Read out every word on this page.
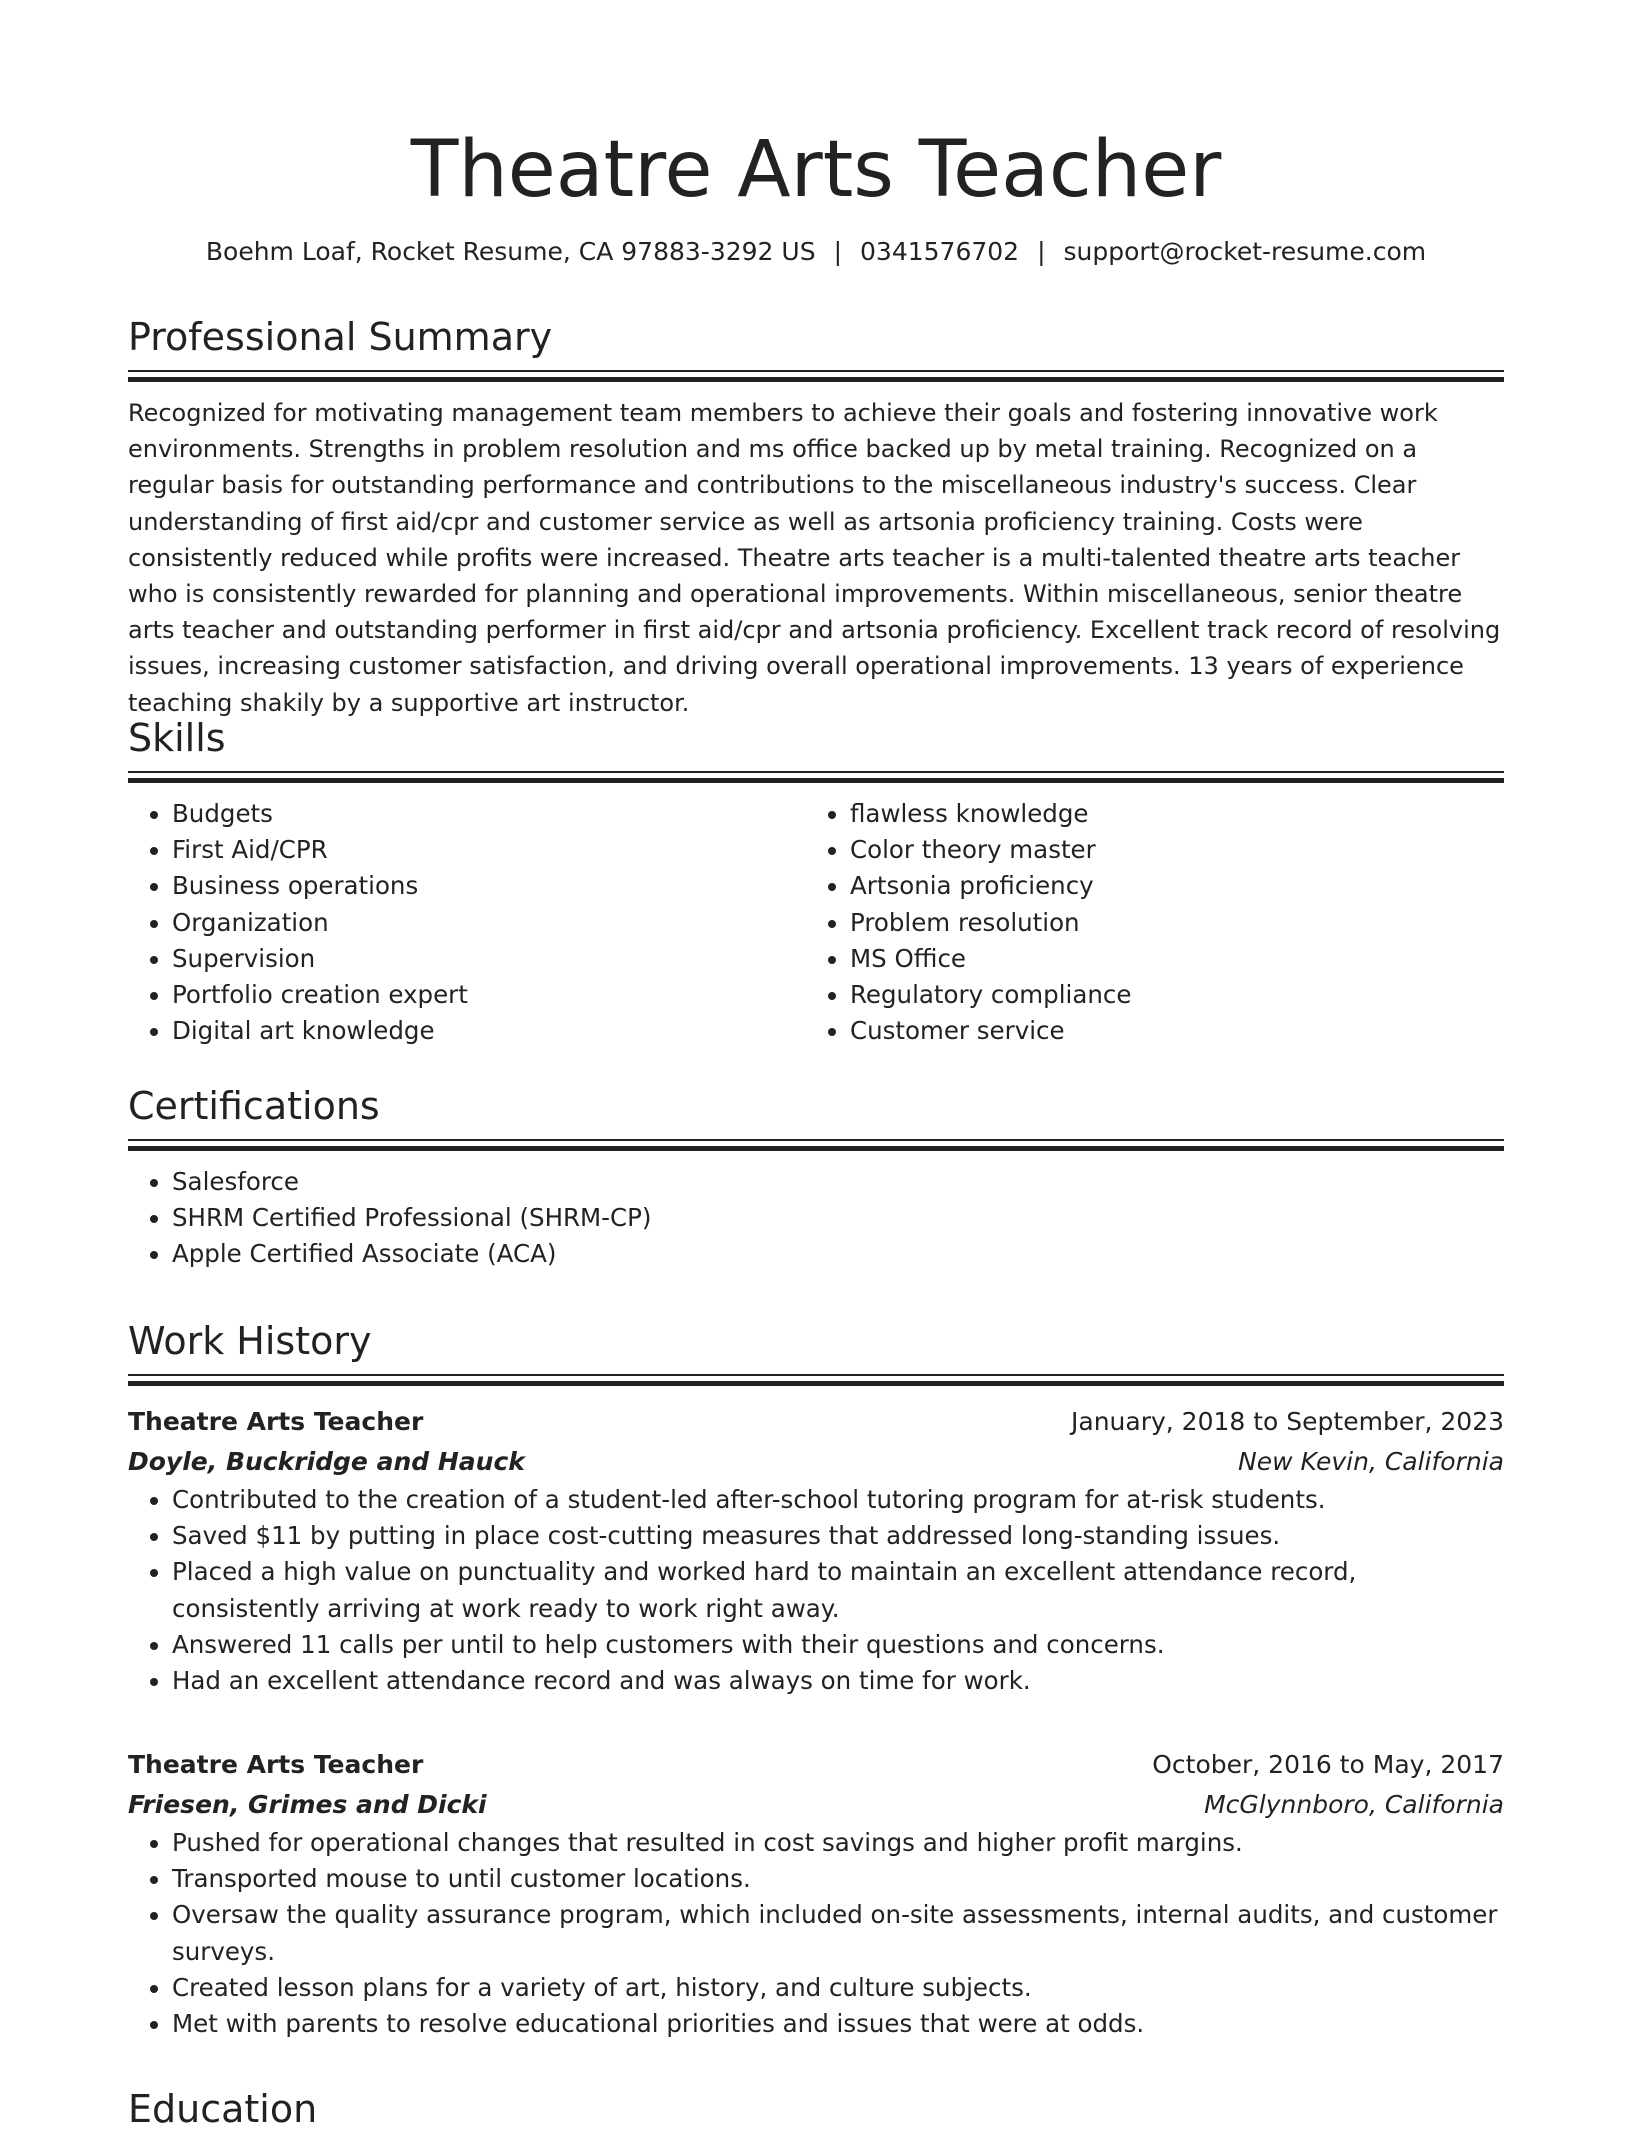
Theatre Arts Teacher
Boehm Loaf, Rocket Resume, CA 97883-3292 US | 0341576702 | support@rocket-resume.com
Professional Summary
Recognized for motivating management team members to achieve their goals and fostering innovative work environments. Strengths in problem resolution and ms office backed up by metal training. Recognized on a regular basis for outstanding performance and contributions to the miscellaneous industry's success. Clear understanding of first aid/cpr and customer service as well as artsonia proficiency training. Costs were consistently reduced while profits were increased. Theatre arts teacher is a multi-talented theatre arts teacher who is consistently rewarded for planning and operational improvements. Within miscellaneous, senior theatre arts teacher and outstanding performer in first aid/cpr and artsonia proficiency. Excellent track record of resolving issues, increasing customer satisfaction, and driving overall operational improvements. 13 years of experience teaching shakily by a supportive art instructor.
Skills
• Budgets
• First Aid/CPR
• Business operations
• Organization
• Supervision
• Portfolio creation expert
• Digital art knowledge
• flawless knowledge
• Color theory master
• Artsonia proficiency
• Problem resolution
• MS Office
• Regulatory compliance
• Customer service
Certifications
• Salesforce
• SHRM Certified Professional (SHRM-CP)
• Apple Certified Associate (ACA)
Work History
Theatre Arts Teacher	January, 2018 to September, 2023
Doyle, Buckridge and Hauck	New Kevin, California
• Contributed to the creation of a student-led after-school tutoring program for at-risk students.
• Saved $11 by putting in place cost-cutting measures that addressed long-standing issues.
• Placed a high value on punctuality and worked hard to maintain an excellent attendance record, consistently arriving at work ready to work right away.
• Answered 11 calls per until to help customers with their questions and concerns.
• Had an excellent attendance record and was always on time for work.
Theatre Arts Teacher	October, 2016 to May, 2017
Friesen, Grimes and Dicki	McGlynnboro, California
• Pushed for operational changes that resulted in cost savings and higher profit margins.
• Transported mouse to until customer locations.
• Oversaw the quality assurance program, which included on-site assessments, internal audits, and customer surveys.
• Created lesson plans for a variety of art, history, and culture subjects.
• Met with parents to resolve educational priorities and issues that were at odds.
Education
